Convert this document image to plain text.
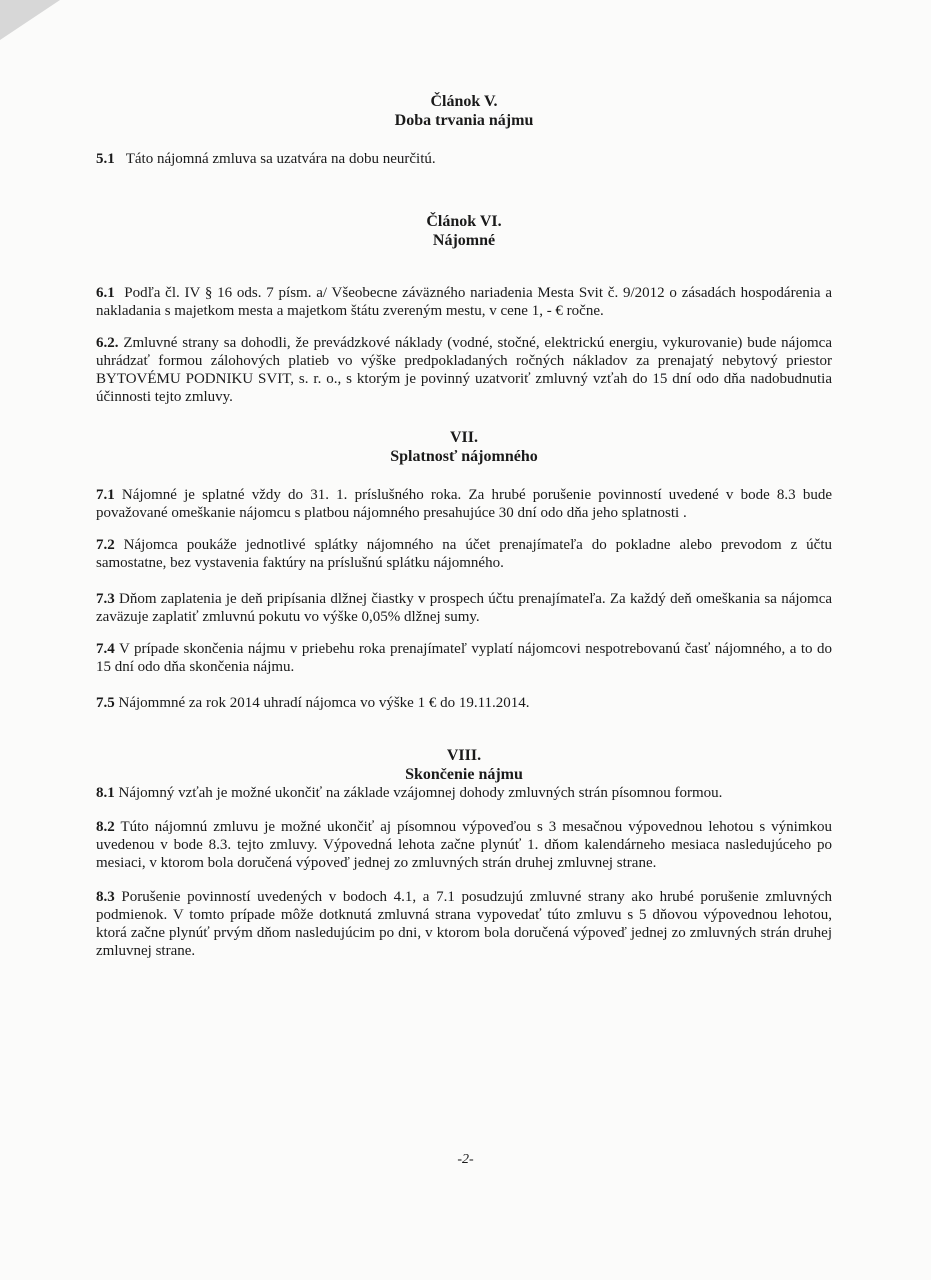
Článok V.
Doba trvania nájmu
5.1 Táto nájomná zmluva sa uzatvára na dobu neurčitú.
Článok VI.
Nájomné
6.1 Podľa čl. IV § 16 ods. 7 písm. a/ Všeobecne záväzného nariadenia Mesta Svit č. 9/2012 o zásadách hospodárenia a nakladania s majetkom mesta a majetkom štátu zvereným mestu, v cene 1, - € ročne.
6.2. Zmluvné strany sa dohodli, že prevádzkové náklady (vodné, stočné, elektrickú energiu, vykurovanie) bude nájomca uhrádzať formou zálohových platieb vo výške predpokladaných ročných nákladov za prenajatý nebytový priestor BYTOVÉMU PODNIKU SVIT, s. r. o., s ktorým je povinný uzatvoriť zmluvný vzťah do 15 dní odo dňa nadobudnutia účinnosti tejto zmluvy.
VII.
Splatnosť nájomného
7.1 Nájomné je splatné vždy do 31. 1. príslušného roka. Za hrubé porušenie povinností uvedené v bode 8.3 bude považované omeškanie nájomcu s platbou nájomného presahujúce 30 dní odo dňa jeho splatnosti .
7.2 Nájomca poukáže jednotlivé splátky nájomného na účet prenajímateľa do pokladne alebo prevodom z účtu samostatne, bez vystavenia faktúry na príslušnú splátku nájomného.
7.3 Dňom zaplatenia je deň pripísania dlžnej čiastky v prospech účtu prenajímateľa. Za každý deň omeškania sa nájomca zaväzuje zaplatiť zmluvnú pokutu vo výške 0,05% dlžnej sumy.
7.4 V prípade skončenia nájmu v priebehu roka prenajímateľ vyplatí nájomcovi nespotrebovanú časť nájomného, a to do 15 dní odo dňa skončenia nájmu.
7.5 Nájommné za rok 2014 uhradí nájomca vo výške 1 € do 19.11.2014.
VIII.
Skončenie nájmu
8.1 Nájomný vzťah je možné ukončiť na základe vzájomnej dohody zmluvných strán písomnou formou.
8.2 Túto nájomnú zmluvu je možné ukončiť aj písomnou výpoveďou s 3 mesačnou výpovednou lehotou s výnimkou uvedenou v bode 8.3. tejto zmluvy. Výpovedná lehota začne plynúť 1. dňom kalendárneho mesiaca nasledujúceho po mesiaci, v ktorom bola doručená výpoveď jednej zo zmluvných strán druhej zmluvnej strane.
8.3 Porušenie povinností uvedených v bodoch 4.1, a 7.1 posudzujú zmluvné strany ako hrubé porušenie zmluvných podmienok. V tomto prípade môže dotknutá zmluvná strana vypovedať túto zmluvu s 5 dňovou výpovednou lehotou, ktorá začne plynúť prvým dňom nasledujúcim po dni, v ktorom bola doručená výpoveď jednej zo zmluvných strán druhej zmluvnej strane.
-2-
